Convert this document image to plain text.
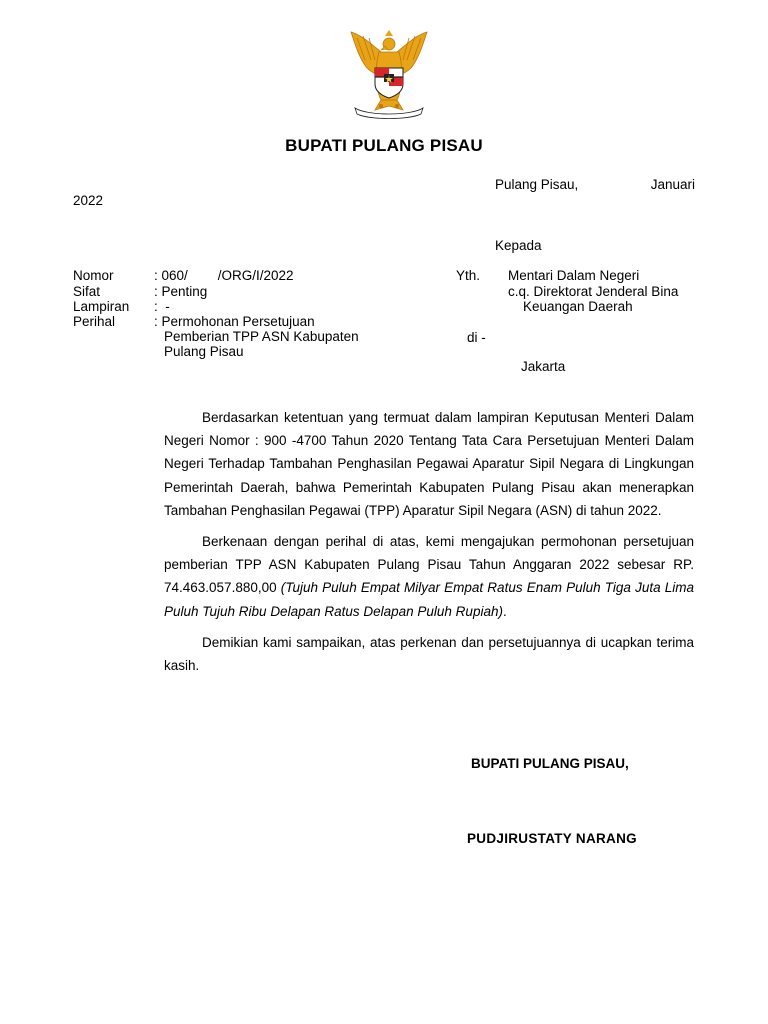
BUPATI PULANG PISAU
Pulang Pisau,	Januari
2022
Kepada
Nomor	: 060/        /ORG/I/2022
Sifat	: Penting
Lampiran :  -
Perihal	: Permohonan Persetujuan
Pemberian TPP ASN Kabupaten
Pulang Pisau
Yth. Mentari Dalam Negeri
c.q. Direktorat Jenderal Bina
Keuangan Daerah
di -
Jakarta

Berdasarkan ketentuan yang termuat dalam lampiran Keputusan Menteri Dalam Negeri Nomor : 900 -4700 Tahun 2020 Tentang Tata Cara Persetujuan Menteri Dalam Negeri Terhadap Tambahan Penghasilan Pegawai Aparatur Sipil Negara di Lingkungan Pemerintah Daerah, bahwa Pemerintah Kabupaten Pulang Pisau akan menerapkan Tambahan Penghasilan Pegawai (TPP) Aparatur Sipil Negara (ASN) di tahun 2022.

Berkenaan dengan perihal di atas, kemi mengajukan permohonan persetujuan pemberian TPP ASN Kabupaten Pulang Pisau Tahun Anggaran 2022 sebesar RP. 74.463.057.880,00 (Tujuh Puluh Empat Milyar Empat Ratus Enam Puluh Tiga Juta Lima Puluh Tujuh Ribu Delapan Ratus Delapan Puluh Rupiah).

Demikian kami sampaikan, atas perkenan dan persetujuannya di ucapkan terima kasih.

BUPATI PULANG PISAU,
PUDJIRUSTATY NARANG
